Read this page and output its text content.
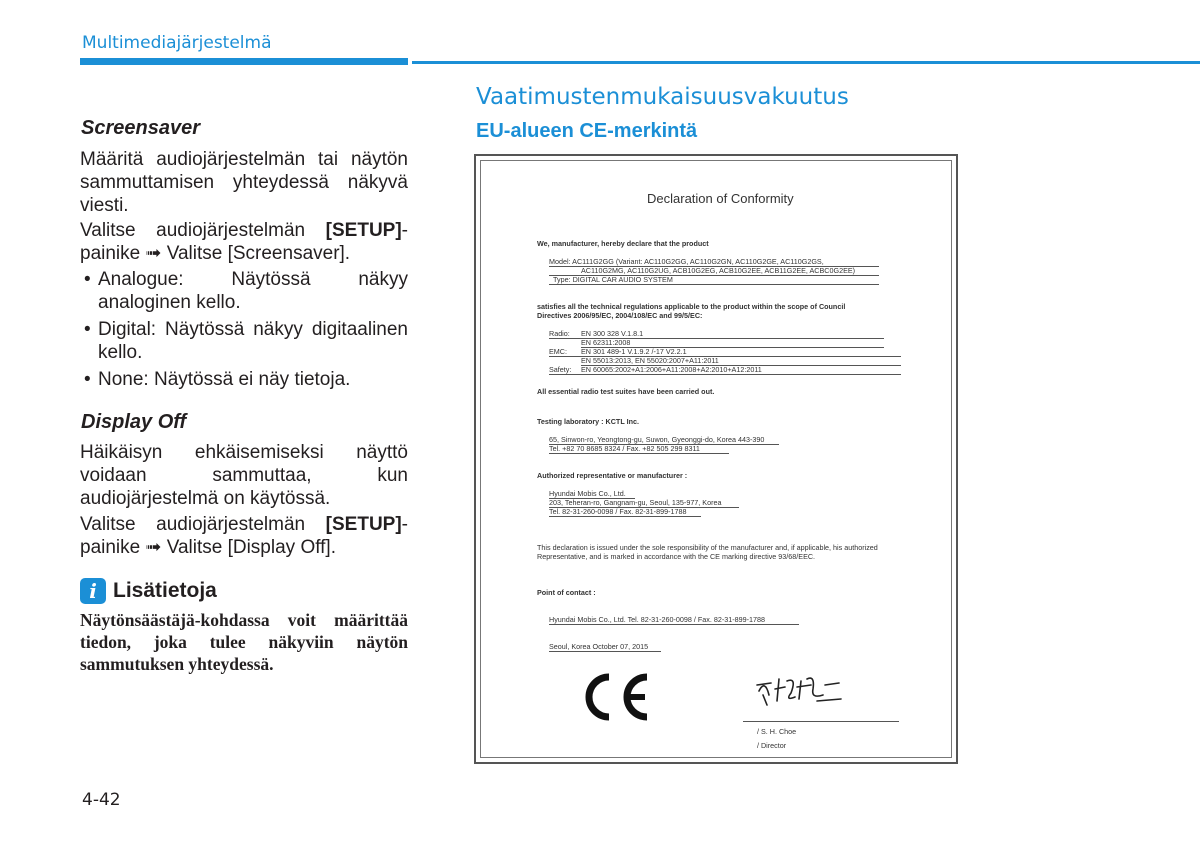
Multimediajärjestelmä
Screensaver
Määritä audiojärjestelmän tai näytön sammuttamisen yhteydessä näkyvä viesti.
Valitse audiojärjestelmän [SETUP]-painike ➟ Valitse [Screensaver].
• Analogue: Näytössä näkyy analoginen kello.
• Digital: Näytössä näkyy digitaalinen kello.
• None: Näytössä ei näy tietoja.
Display Off
Häikäisyn ehkäisemiseksi näyttö voidaan sammuttaa, kun audiojärjestelmä on käytössä.
Valitse audiojärjestelmän [SETUP]-painike ➟ Valitse [Display Off].
i Lisätietoja
Näytönsäästäjä-kohdassa voit määrittää tiedon, joka tulee näkyviin näytön sammutuksen yhteydessä.
4-42
Vaatimustenmukaisuusvakuutus
EU-alueen CE-merkintä
Declaration of Conformity
We, manufacturer, hereby declare that the product
Model: AC111G2GG (Variant: AC110G2GG, AC110G2GN, AC110G2GE, AC110G2GS,
AC110G2MG, AC110G2UG, ACB10G2EG, ACB10G2EE, ACB11G2EE, ACBC0G2EE)
Type: DIGITAL CAR AUDIO SYSTEM
satisfies all the technical regulations applicable to the product within the scope of Council
Directives 2006/95/EC, 2004/108/EC and 99/5/EC:
Radio: EN 300 328 V.1.8.1
EN 62311:2008
EMC: EN 301 489-1 V.1.9.2 /-17 V2.2.1
EN 55013:2013, EN 55020:2007+A11:2011
Safety: EN 60065:2002+A1:2006+A11:2008+A2:2010+A12:2011
All essential radio test suites have been carried out.
Testing laboratory : KCTL Inc.
65, Sinwon-ro, Yeongtong-gu, Suwon, Gyeonggi-do, Korea 443-390
Tel. +82 70 8685 8324 / Fax. +82 505 299 8311
Authorized representative or manufacturer :
Hyundai Mobis Co., Ltd.
203, Teheran-ro, Gangnam-gu, Seoul, 135-977, Korea
Tel. 82-31-260-0098 / Fax. 82-31-899-1788
This declaration is issued under the sole responsibility of the manufacturer and, if applicable, his authorized
Representative, and is marked in accordance with the CE marking directive 93/68/EEC.
Point of contact :
Hyundai Mobis Co., Ltd. Tel. 82-31-260-0098 / Fax. 82-31-899-1788
Seoul, Korea October 07, 2015
/ S. H. Choe
/ Director
